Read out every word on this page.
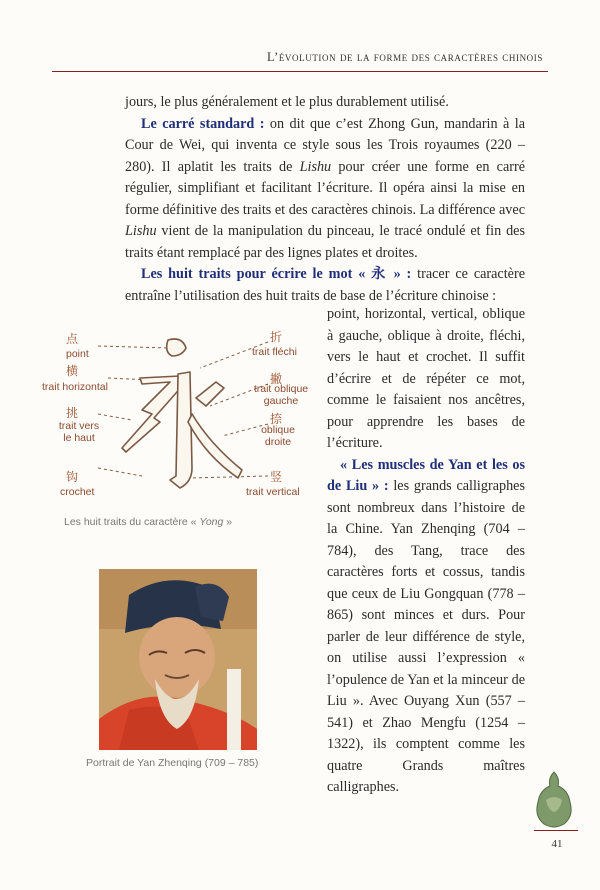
L’évolution de la forme des caractères chinois

jours, le plus généralement et le plus durablement utilisé.

Le carré standard : on dit que c’est Zhong Gun, mandarin à la Cour de Wei, qui inventa ce style sous les Trois royaumes (220 – 280). Il aplatit les traits de Lishu pour créer une forme en carré régulier, simplifiant et facilitant l’écriture. Il opéra ainsi la mise en forme définitive des traits et des caractères chinois. La différence avec Lishu vient de la manipulation du pinceau, le tracé ondulé et fin des traits étant remplacé par des lignes plates et droites.

Les huit traits pour écrire le mot « 永 » : tracer ce caractère entraîne l’utilisation des huit traits de base de l’écriture chinoise :

point, horizontal, vertical, oblique à gauche, oblique à droite, fléchi, vers le haut et crochet. Il suffit d’écrire et de répéter ce mot, comme le faisaient nos ancêtres, pour apprendre les bases de l’écriture.

« Les muscles de Yan et les os de Liu » : les grands calligraphes sont nombreux dans l’histoire de la Chine. Yan Zhenqing (704 – 784), des Tang, trace des caractères forts et cossus, tandis que ceux de Liu Gongquan (778 – 865) sont minces et durs. Pour parler de leur différence de style, on utilise aussi l’expression « l’opulence de Yan et la minceur de Liu ». Avec Ouyang Xun (557 – 541) et Zhao Mengfu (1254 – 1322), ils comptent comme les quatre Grands maîtres calligraphes.

点
point
横
trait horizontal
挑
trait vers le haut
钩
crochet
折
trait fléchi
撇
trait oblique gauche
捺
oblique droite
竖
trait vertical
Les huit traits du caractère « Yong »
Portrait de Yan Zhenqing (709 – 785)
41
